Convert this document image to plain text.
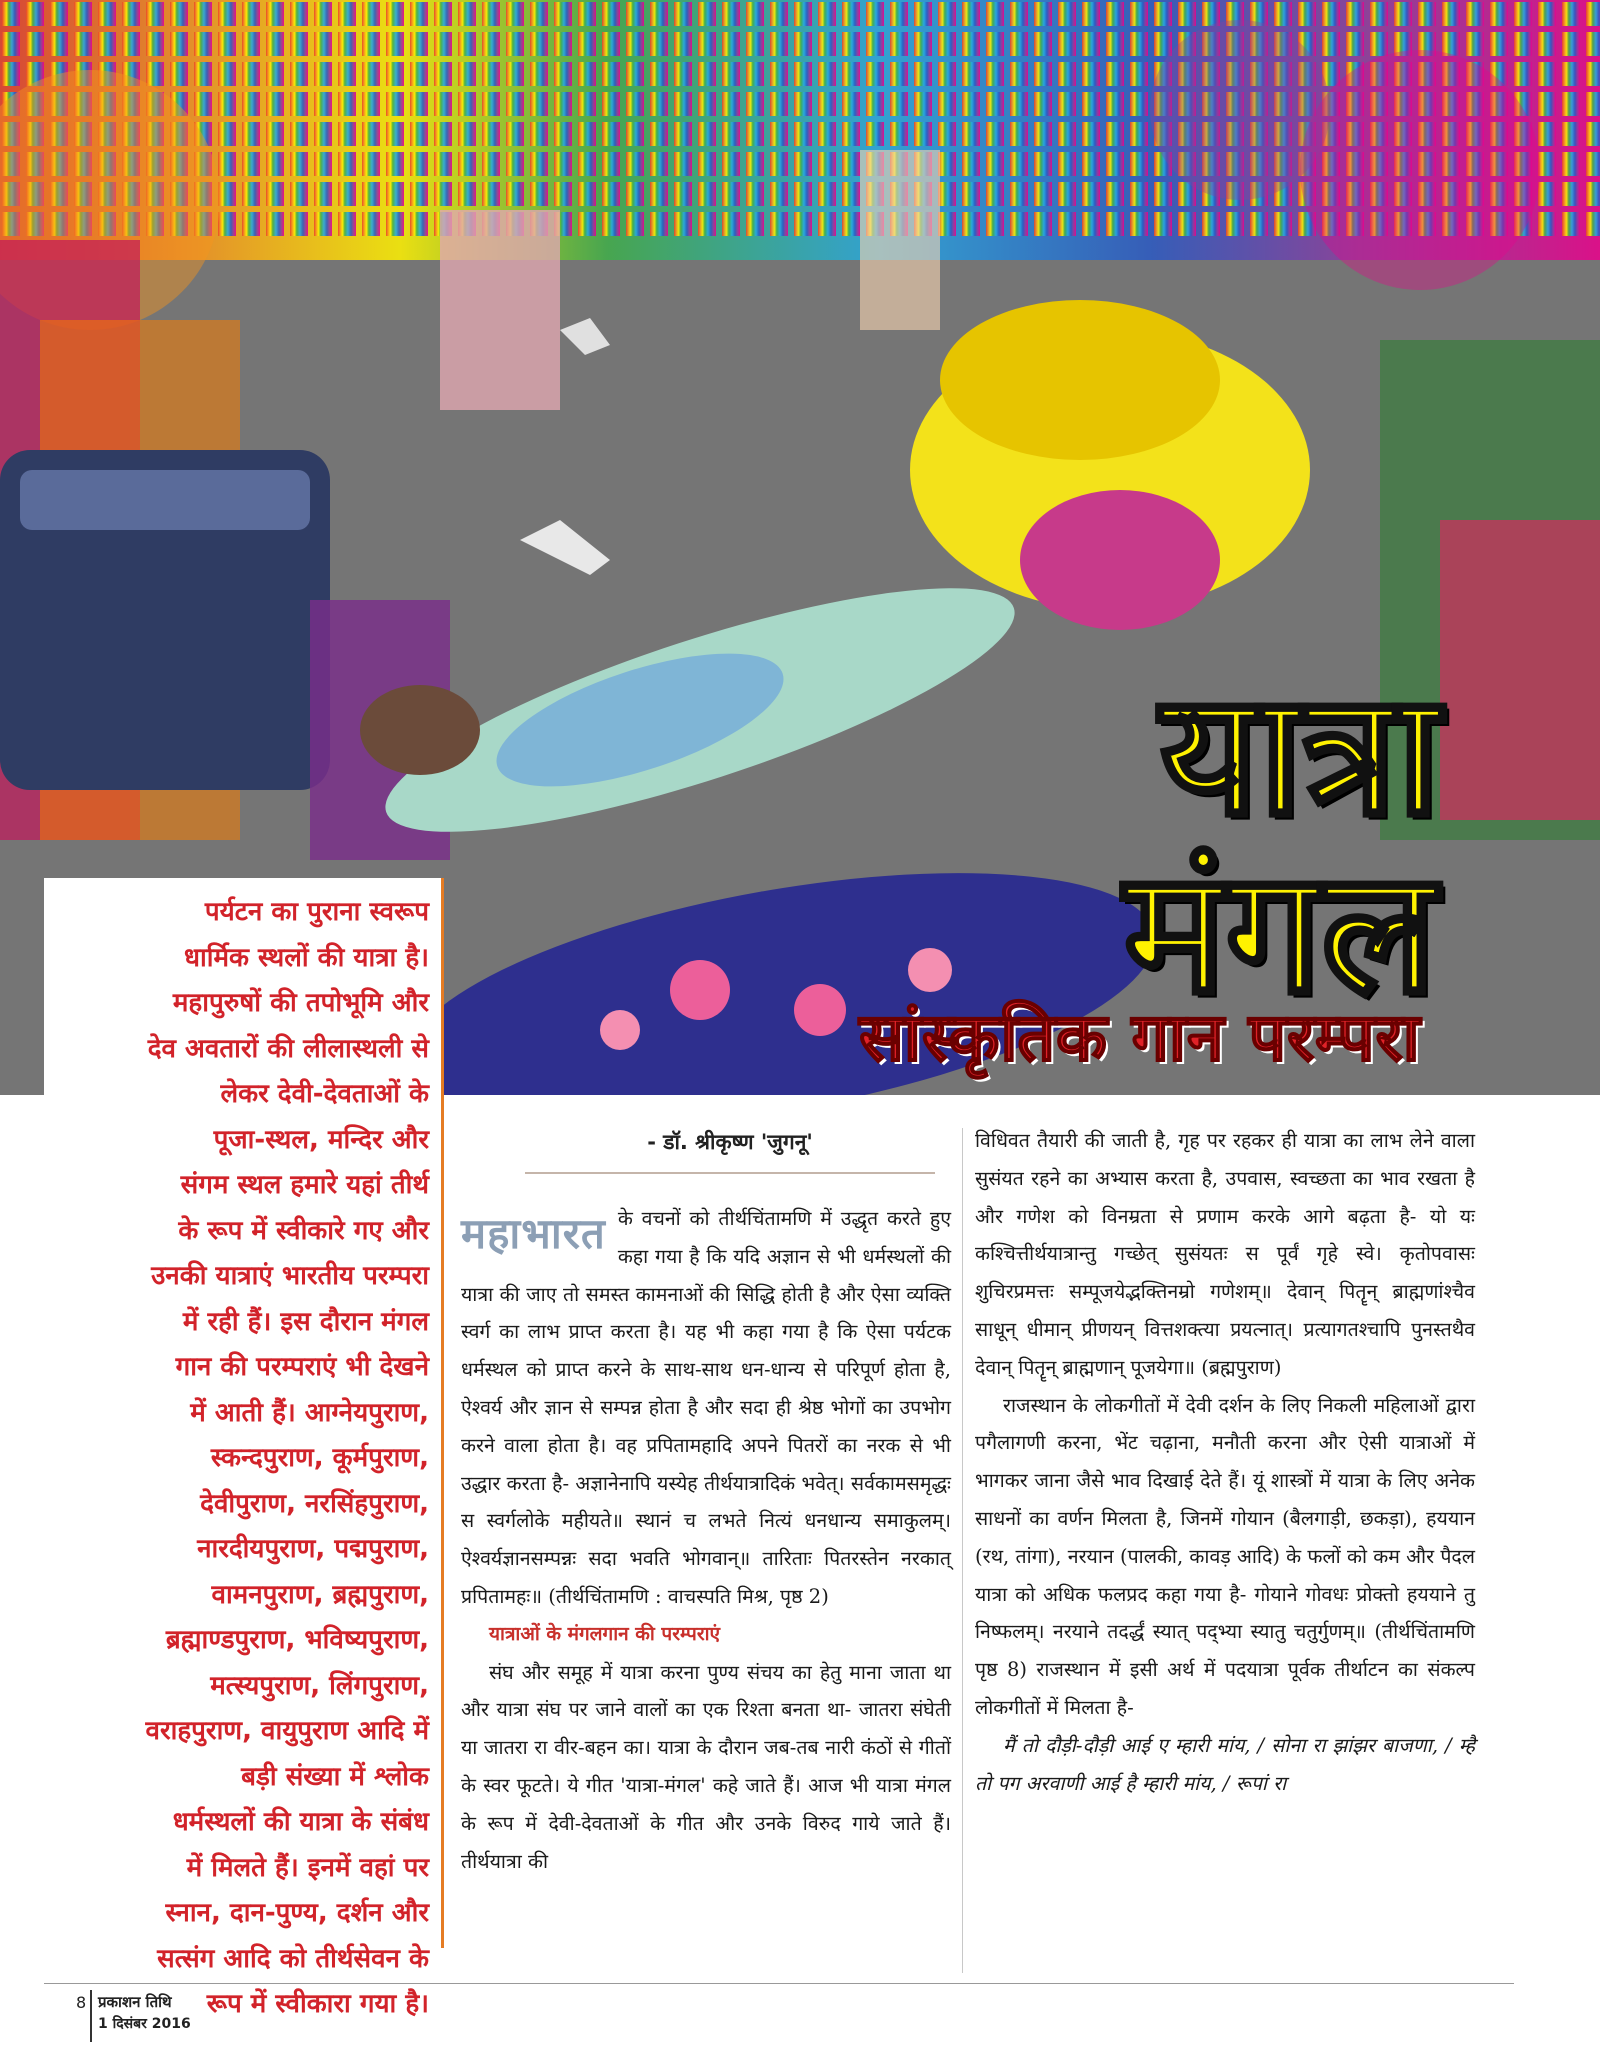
यात्रा
मंगल
सांस्कृतिक गान परम्परा

पर्यटन का पुराना स्वरूप

धार्मिक स्थलों की यात्रा है।

महापुरुषों की तपोभूमि और

देव अवतारों की लीलास्थली से

लेकर देवी-देवताओं के

पूजा-स्थल, मन्दिर और

संगम स्थल हमारे यहां तीर्थ

के रूप में स्वीकारे गए और

उनकी यात्राएं भारतीय परम्परा

में रही हैं। इस दौरान मंगल

गान की परम्पराएं भी देखने

में आती हैं। आग्नेयपुराण,

स्कन्दपुराण, कूर्मपुराण,

देवीपुराण, नरसिंहपुराण,

नारदीयपुराण, पद्मपुराण,

वामनपुराण, ब्रह्मपुराण,

ब्रह्माण्डपुराण, भविष्यपुराण,

मत्स्यपुराण, लिंगपुराण,

वराहपुराण, वायुपुराण आदि में

बड़ी संख्या में श्लोक

धर्मस्थलों की यात्रा के संबंध

में मिलते हैं। इनमें वहां पर

स्नान, दान-पुण्य, दर्शन और

सत्संग आदि को तीर्थसेवन के

रूप में स्वीकारा गया है।

- डॉ. श्रीकृष्ण 'जुगनू'

महाभारत के वचनों को तीर्थचिंतामणि में उद्धृत करते हुए कहा गया है कि यदि अज्ञान से भी धर्मस्थलों की यात्रा की जाए तो समस्त कामनाओं की सिद्धि होती है और ऐसा व्यक्ति स्वर्ग का लाभ प्राप्त करता है। यह भी कहा गया है कि ऐसा पर्यटक धर्मस्थल को प्राप्त करने के साथ-साथ धन-धान्य से परिपूर्ण होता है, ऐश्वर्य और ज्ञान से सम्पन्न होता है और सदा ही श्रेष्ठ भोगों का उपभोग करने वाला होता है। वह प्रपितामहादि अपने पितरों का नरक से भी उद्धार करता है- अज्ञानेनापि यस्येह तीर्थयात्रादिकं भवेत्। सर्वकामसमृद्धः स स्वर्गलोके महीयते॥ स्थानं च लभते नित्यं धनधान्य समाकुलम्। ऐश्वर्यज्ञानसम्पन्नः सदा भवति भोगवान्॥ तारिताः पितरस्तेन नरकात् प्रपितामहः॥ (तीर्थचिंतामणि : वाचस्पति मिश्र, पृष्ठ 2)

यात्राओं के मंगलगान की परम्पराएं

संघ और समूह में यात्रा करना पुण्य संचय का हेतु माना जाता था और यात्रा संघ पर जाने वालों का एक रिश्ता बनता था- जातरा संघेती या जातरा रा वीर-बहन का। यात्रा के दौरान जब-तब नारी कंठों से गीतों के स्वर फूटते। ये गीत 'यात्रा-मंगल' कहे जाते हैं। आज भी यात्रा मंगल के रूप में देवी-देवताओं के गीत और उनके विरुद गाये जाते हैं। तीर्थयात्रा की

विधिवत तैयारी की जाती है, गृह पर रहकर ही यात्रा का लाभ लेने वाला सुसंयत रहने का अभ्यास करता है, उपवास, स्वच्छता का भाव रखता है और गणेश को विनम्रता से प्रणाम करके आगे बढ़ता है- यो यः कश्चित्तीर्थयात्रान्तु गच्छेत् सुसंयतः स पूर्वं गृहे स्वे। कृतोपवासः शुचिरप्रमत्तः सम्पूजयेद्भक्तिनम्रो गणेशम्॥ देवान् पितॄन् ब्राह्मणांश्चैव साधून् धीमान् प्रीणयन् वित्तशक्त्या प्रयत्नात्। प्रत्यागतश्चापि पुनस्तथैव देवान् पितॄन् ब्राह्मणान् पूजयेगा॥ (ब्रह्मपुराण)

राजस्थान के लोकगीतों में देवी दर्शन के लिए निकली महिलाओं द्वारा पगैलागणी करना, भेंट चढ़ाना, मनौती करना और ऐसी यात्राओं में भागकर जाना जैसे भाव दिखाई देते हैं। यूं शास्त्रों में यात्रा के लिए अनेक साधनों का वर्णन मिलता है, जिनमें गोयान (बैलगाड़ी, छकड़ा), हययान (रथ, तांगा), नरयान (पालकी, कावड़ आदि) के फलों को कम और पैदल यात्रा को अधिक फलप्रद कहा गया है- गोयाने गोवधः प्रोक्तो हययाने तु निष्फलम्। नरयाने तदर्द्धं स्यात् पद्भ्या स्यातु चतुर्गुणम्॥ (तीर्थचिंतामणि पृष्ठ 8) राजस्थान में इसी अर्थ में पदयात्रा पूर्वक तीर्थाटन का संकल्प लोकगीतों में मिलता है-

मैं तो दौड़ी-दौड़ी आई ए म्हारी मांय, / सोना रा झांझर बाजणा, / म्है तो पग अरवाणी आई है म्हारी मांय, / रूपां रा

8 प्रकाशन तिथि
1 दिसंबर 2016
